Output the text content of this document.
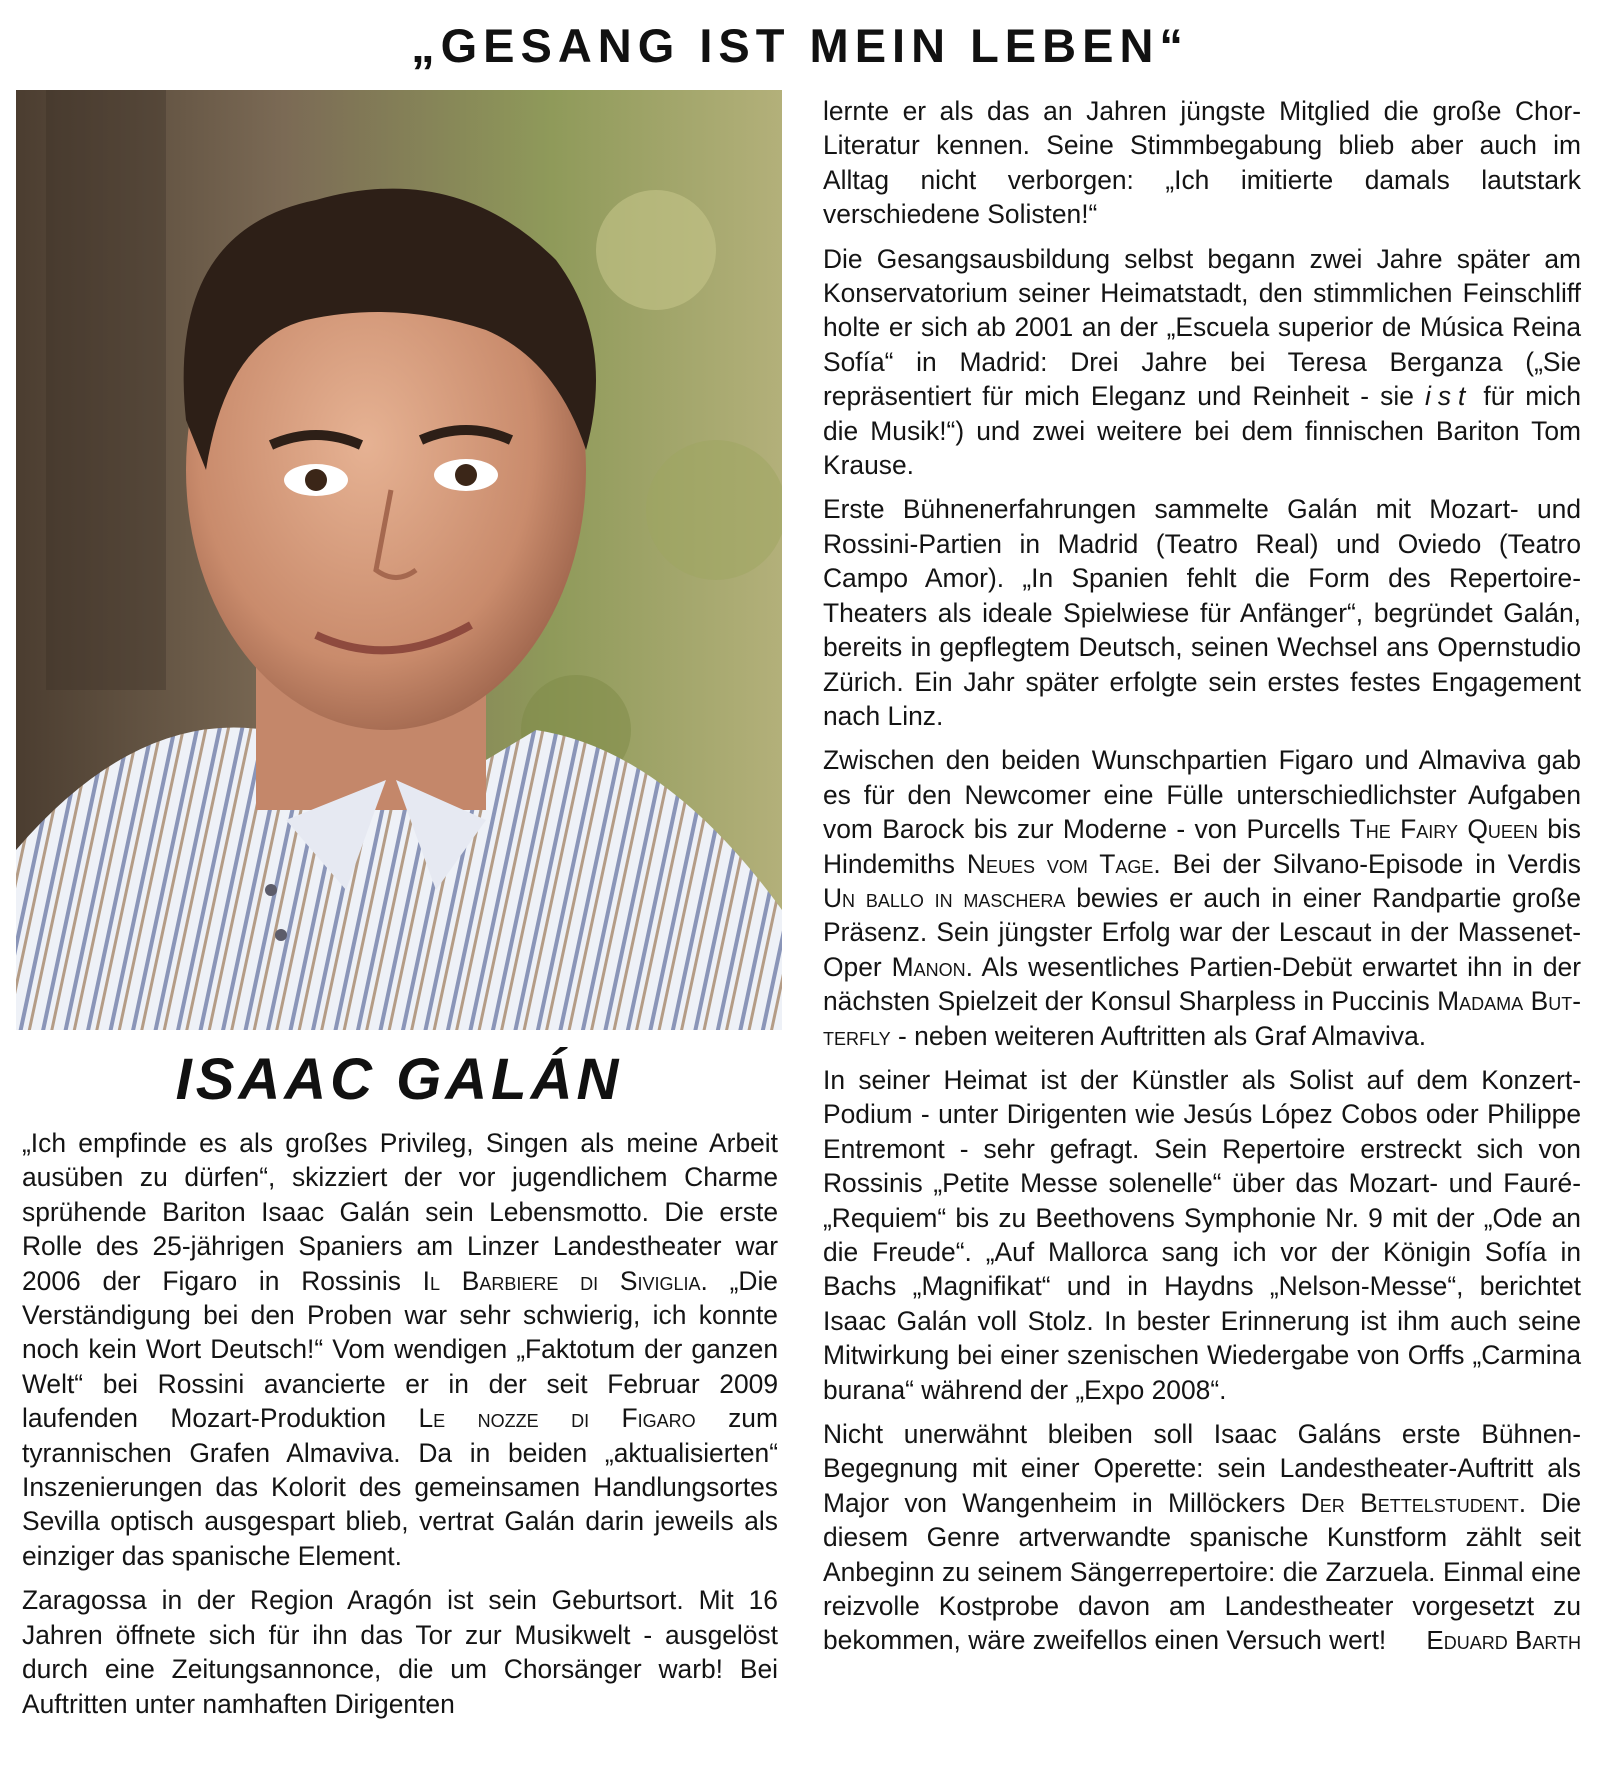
„GESANG IST MEIN LEBEN“
ISAAC GALÁN

„Ich empfinde es als großes Privileg, Singen als meine Arbeit ausüben zu dürfen“, skizziert der vor jugendlichem Charme sprühende Bariton Isaac Galán sein Lebensmotto. Die erste Rolle des 25-jährigen Spaniers am Linzer Landestheater war 2006 der Figaro in Rossinis Il Barbiere di Siviglia. „Die Verständigung bei den Proben war sehr schwierig, ich konnte noch kein Wort Deutsch!“ Vom wendigen „Faktotum der ganzen Welt“ bei Rossini avancierte er in der seit Februar 2009 laufenden Mozart-Produktion Le nozze di Figaro zum tyrannischen Grafen Almaviva. Da in beiden „aktualisierten“ Inszenierungen das Kolorit des gemeinsamen Handlungsortes Sevilla optisch ausgespart blieb, vertrat Galán darin jeweils als einziger das spanische Element.

Zaragossa in der Region Aragón ist sein Geburtsort. Mit 16 Jahren öffnete sich für ihn das Tor zur Musikwelt - ausgelöst durch eine Zeitungsannonce, die um Chorsänger warb! Bei Auftritten unter namhaften Dirigenten

lernte er als das an Jahren jüngste Mitglied die große Chor-Literatur kennen. Seine Stimmbegabung blieb aber auch im Alltag nicht verborgen: „Ich imitierte damals lautstark verschiedene Solisten!“

Die Gesangsausbildung selbst begann zwei Jahre später am Konservatorium seiner Heimatstadt, den stimmlichen Feinschliff holte er sich ab 2001 an der „Escuela superior de Música Reina Sofía“ in Madrid: Drei Jahre bei Teresa Berganza („Sie repräsentiert für mich Eleganz und Reinheit - sie ist für mich die Musik!“) und zwei weitere bei dem finnischen Bariton Tom Krause.

Erste Bühnenerfahrungen sammelte Galán mit Mozart- und Rossini-Partien in Madrid (Teatro Real) und Oviedo (Teatro Campo Amor). „In Spanien fehlt die Form des Repertoire-Theaters als ideale Spielwiese für Anfänger“, begründet Galán, bereits in gepflegtem Deutsch, seinen Wechsel ans Opernstudio Zürich. Ein Jahr später erfolgte sein erstes festes Engagement nach Linz.

Zwischen den beiden Wunschpartien Figaro und Almaviva gab es für den Newcomer eine Fülle unterschiedlichster Aufgaben vom Barock bis zur Moderne - von Purcells The Fairy Queen bis Hindemiths Neues vom Tage. Bei der Silvano-Episode in Verdis Un ballo in maschera bewies er auch in einer Randpartie große Präsenz. Sein jüngster Erfolg war der Lescaut in der Massenet-Oper Manon. Als wesentliches Partien-Debüt erwartet ihn in der nächsten Spielzeit der Konsul Sharpless in Puccinis Madama Butterfly - neben weiteren Auftritten als Graf Almaviva.

In seiner Heimat ist der Künstler als Solist auf dem Konzert-Podium - unter Dirigenten wie Jesús López Cobos oder Philippe Entremont - sehr gefragt. Sein Repertoire erstreckt sich von Rossinis „Petite Messe solenelle“ über das Mozart- und Fauré-„Requiem“ bis zu Beethovens Symphonie Nr. 9 mit der „Ode an die Freude“. „Auf Mallorca sang ich vor der Königin Sofía in Bachs „Magnifikat“ und in Haydns „Nelson-Messe“, berichtet Isaac Galán voll Stolz. In bester Erinnerung ist ihm auch seine Mitwirkung bei einer szenischen Wiedergabe von Orffs „Carmina burana“ während der „Expo 2008“.

Nicht unerwähnt bleiben soll Isaac Galáns erste Bühnen-Begegnung mit einer Operette: sein Landestheater-Auftritt als Major von Wangenheim in Millöckers Der Bettelstudent. Die diesem Genre artverwandte spanische Kunstform zählt seit Anbeginn zu seinem Sängerrepertoire: die Zarzuela. Einmal eine reizvolle Kostprobe davon am Landestheater vorgesetzt zu bekommen, wäre zweifellos einen Versuch wert! Eduard Barth
